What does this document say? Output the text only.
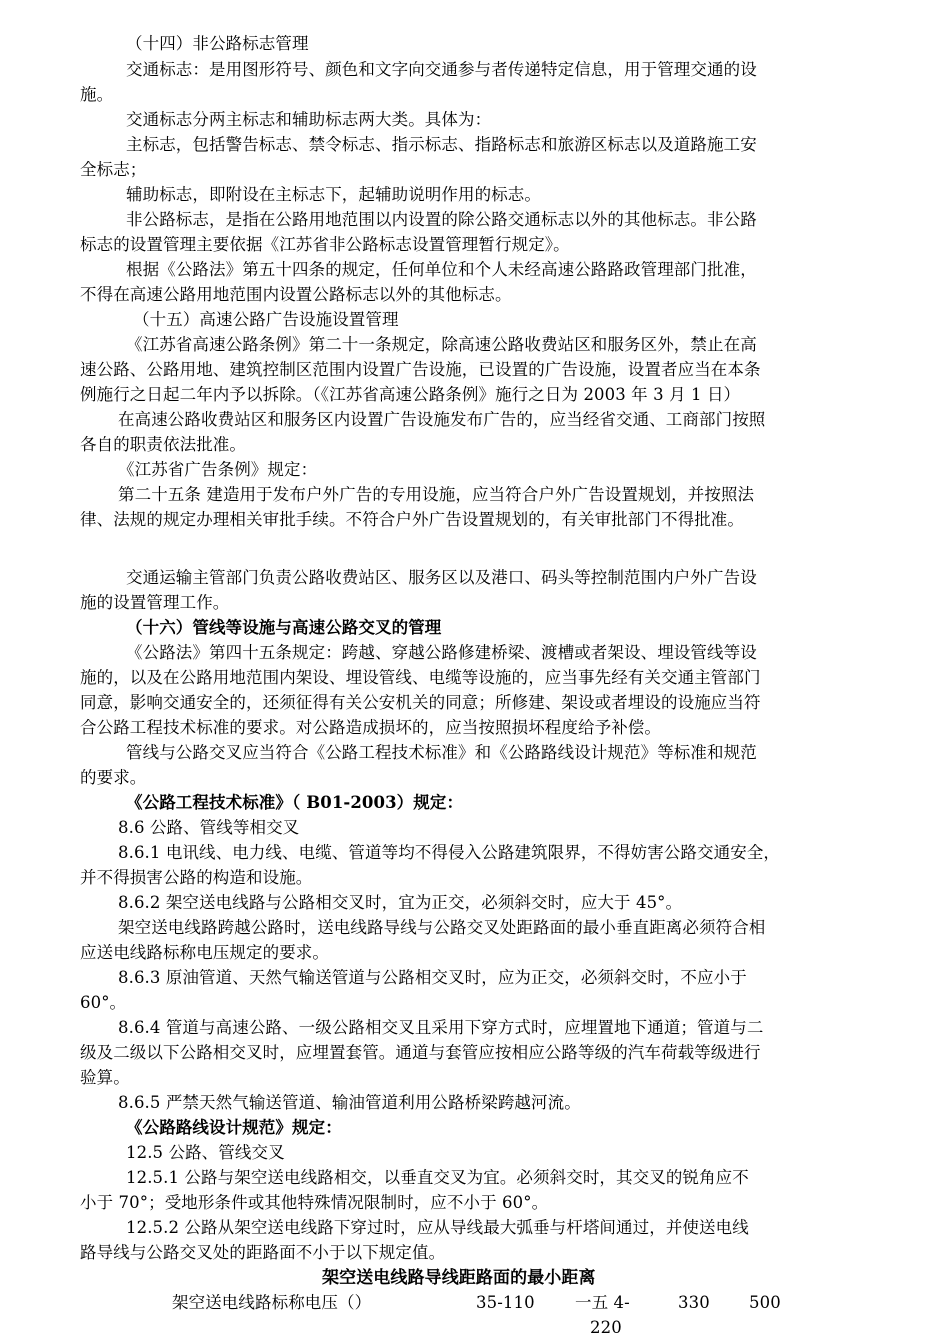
（十四）非公路标志管理

交通标志：是用图形符号、颜色和文字向交通参与者传递特定信息，用于管理交通的设

施。

交通标志分两主标志和辅助标志两大类。具体为：

主标志，包括警告标志、禁令标志、指示标志、指路标志和旅游区标志以及道路施工安

全标志；

辅助标志，即附设在主标志下，起辅助说明作用的标志。

非公路标志，是指在公路用地范围以内设置的除公路交通标志以外的其他标志。非公路

标志的设置管理主要依据《江苏省非公路标志设置管理暂行规定》。

根据《公路法》第五十四条的规定，任何单位和个人未经高速公路路政管理部门批准，

不得在高速公路用地范围内设置公路标志以外的其他标志。

（十五）高速公路广告设施设置管理

《江苏省高速公路条例》第二十一条规定，除高速公路收费站区和服务区外，禁止在高

速公路、公路用地、建筑控制区范围内设置广告设施，已设置的广告设施，设置者应当在本条

例施行之日起二年内予以拆除。（《江苏省高速公路条例》施行之日为 2003 年 3 月 1 日）

在高速公路收费站区和服务区内设置广告设施发布广告的，应当经省交通、工商部门按照

各自的职责依法批准。

《江苏省广告条例》规定：

第二十五条 建造用于发布户外广告的专用设施，应当符合户外广告设置规划，并按照法

律、法规的规定办理相关审批手续。不符合户外广告设置规划的，有关审批部门不得批准。

交通运输主管部门负责公路收费站区、服务区以及港口、码头等控制范围内户外广告设

施的设置管理工作。

（十六）管线等设施与高速公路交叉的管理

《公路法》第四十五条规定：跨越、穿越公路修建桥梁、渡槽或者架设、埋设管线等设

施的，以及在公路用地范围内架设、埋设管线、电缆等设施的，应当事先经有关交通主管部门

同意，影响交通安全的，还须征得有关公安机关的同意；所修建、架设或者埋设的设施应当符

合公路工程技术标准的要求。对公路造成损坏的，应当按照损坏程度给予补偿。

管线与公路交叉应当符合《公路工程技术标准》和《公路路线设计规范》等标准和规范

的要求。

《公路工程技术标准》（ B01-2003）规定：

8.6 公路、管线等相交叉

8.6.1 电讯线、电力线、电缆、管道等均不得侵入公路建筑限界，不得妨害公路交通安全，

并不得损害公路的构造和设施。

8.6.2 架空送电线路与公路相交叉时，宜为正交，必须斜交时，应大于 45°。

架空送电线路跨越公路时，送电线路导线与公路交叉处距路面的最小垂直距离必须符合相

应送电线路标称电压规定的要求。

8.6.3 原油管道、天然气输送管道与公路相交叉时，应为正交，必须斜交时，不应小于

60°。

8.6.4 管道与高速公路、一级公路相交叉且采用下穿方式时，应埋置地下通道；管道与二

级及二级以下公路相交叉时，应埋置套管。通道与套管应按相应公路等级的汽车荷载等级进行

验算。

8.6.5 严禁天然气输送管道、输油管道利用公路桥梁跨越河流。

《公路路线设计规范》规定：

12.5 公路、管线交叉

12.5.1 公路与架空送电线路相交，以垂直交叉为宜。必须斜交时，其交叉的锐角应不

小于 70°；受地形条件或其他特殊情况限制时，应不小于 60°。

12.5.2 公路从架空送电线路下穿过时，应从导线最大弧垂与杆塔间通过，并使送电线

路导线与公路交叉处的距路面不小于以下规定值。

架空送电线路导线距路面的最小距离

架空送电线路标称电压（）	35-110 一五 4-	330 500

220
